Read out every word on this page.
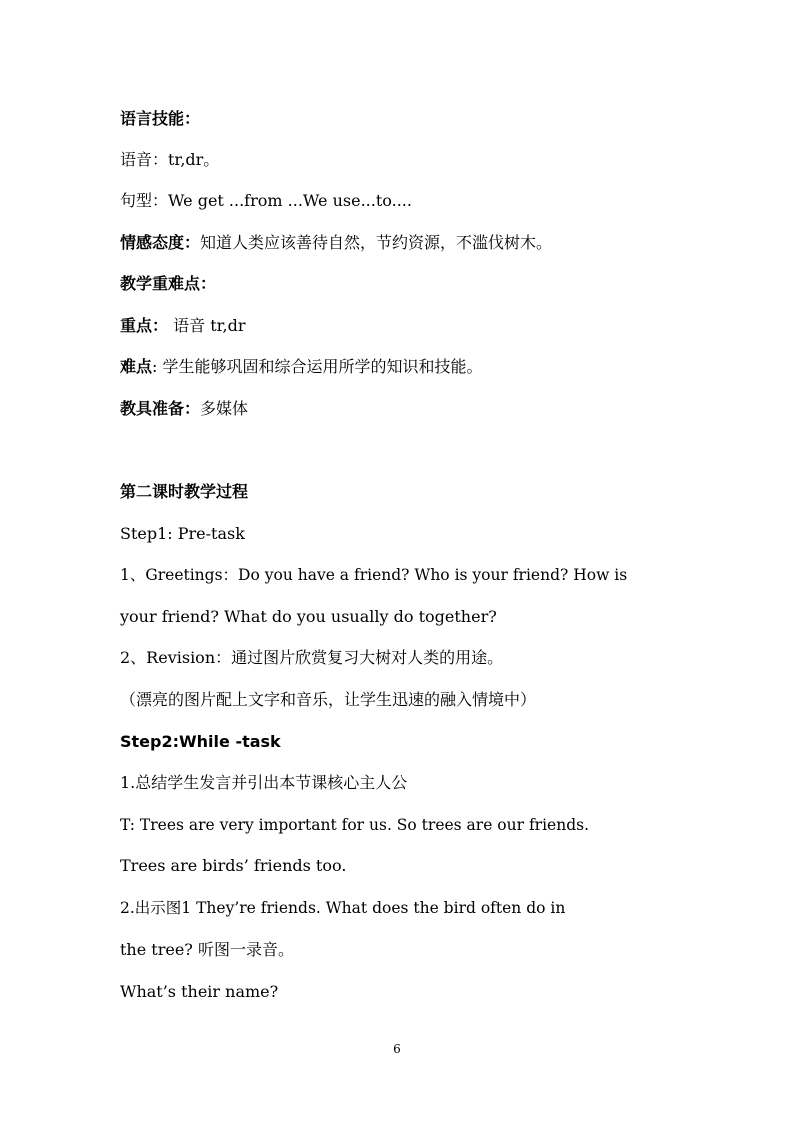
语言技能：
语音：tr,dr。
句型：We get ...from ...We use...to....
情感态度：知道人类应该善待自然，节约资源，不滥伐树木。
教学重难点：
重点： 语音 tr,dr
难点: 学生能够巩固和综合运用所学的知识和技能。
教具准备：多媒体
第二课时教学过程
Step1: Pre-task
1、Greetings：Do you have a friend? Who is your friend? How is
your friend? What do you usually do together?
2、Revision：通过图片欣赏复习大树对人类的用途。
（漂亮的图片配上文字和音乐，让学生迅速的融入情境中）
Step2:While -task
1.总结学生发言并引出本节课核心主人公
T: Trees are very important for us. So trees are our friends.
Trees are birds’ friends too.
2.出示图1 They’re friends. What does the bird often do in
the tree? 听图一录音。
What’s their name?
6
